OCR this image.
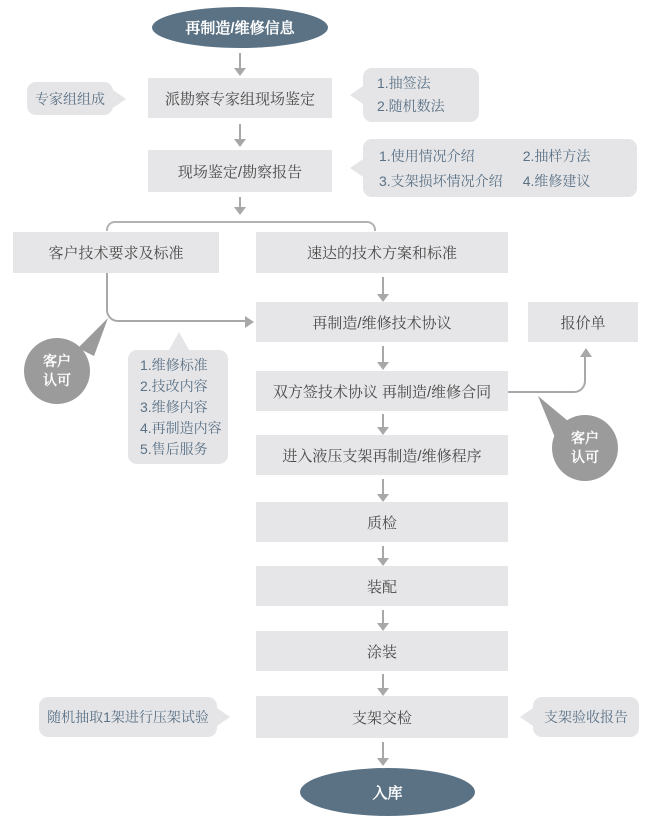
再制造/维修信息
入库
派勘察专家组现场鉴定
现场鉴定/勘察报告
客户技术要求及标准	速达的技术方案和标准
再制造/维修技术协议	报价单
双方签技术协议 再制造/维修合同
进入液压支架再制造/维修程序
质检
装配
涂装
支架交检
专家组组成
1.抽签法
2.随机数法
1.使用情况介绍	2.抽样方法
3.支架损坏情况介绍 4.维修建议
1.维修标准
2.技改内容
3.维修内容
4.再制造内容
5.售后服务
随机抽取1架进行压架试验	支架验收报告
客户
认可
客户
认可
